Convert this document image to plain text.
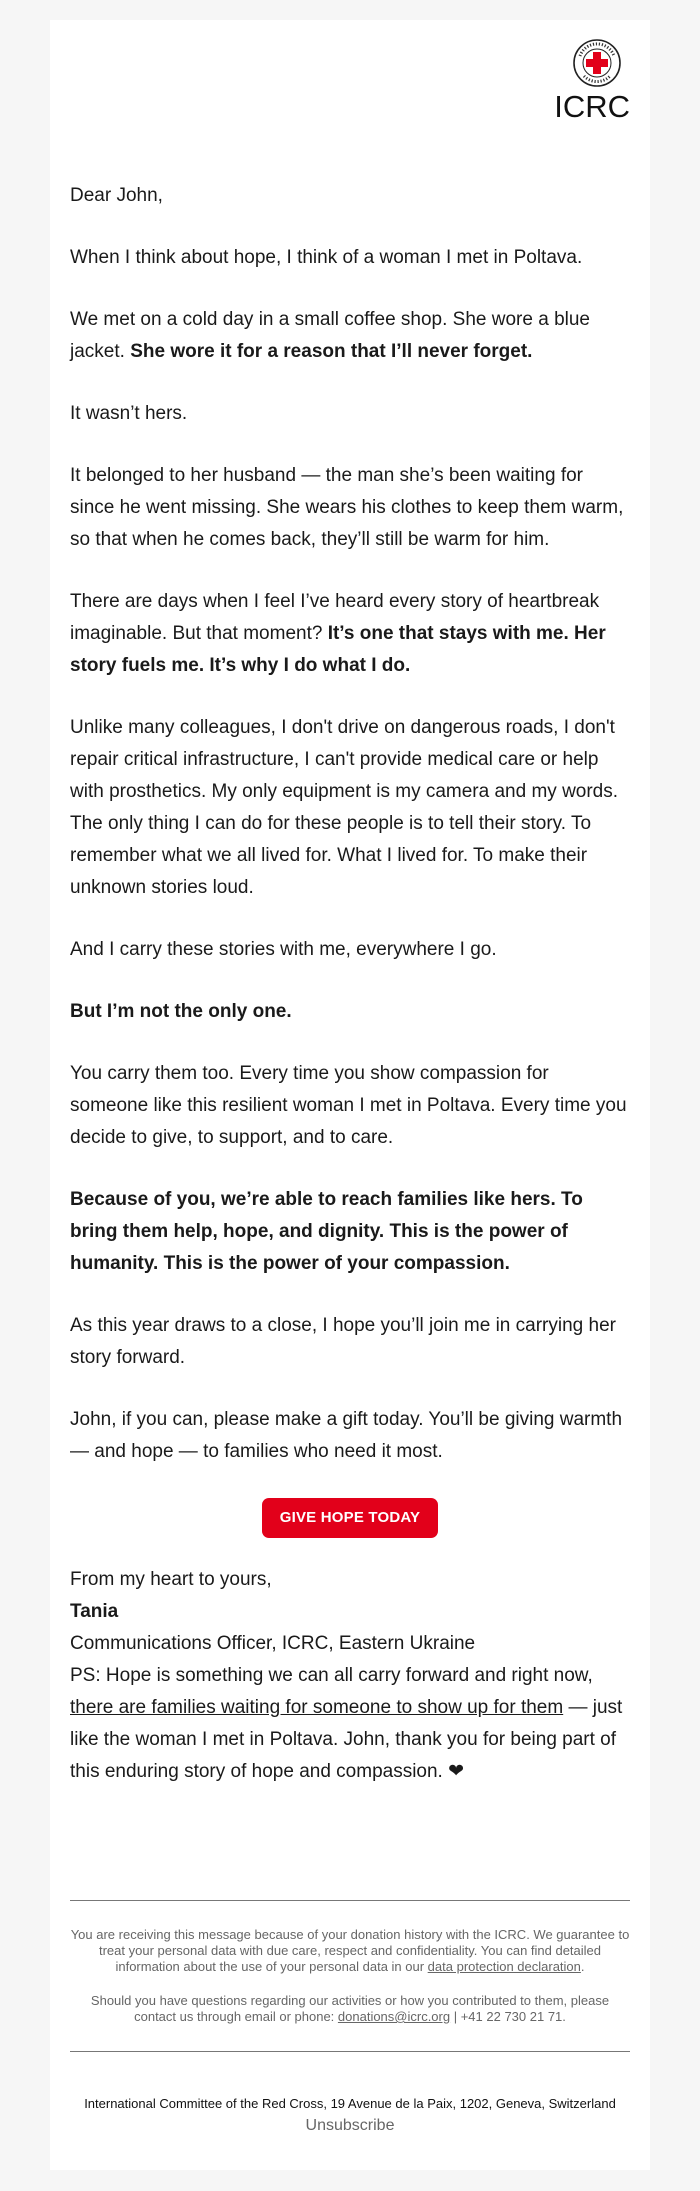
ICRC

Dear John,

When I think about hope, I think of a woman I met in Poltava.

We met on a cold day in a small coffee shop. She wore a blue jacket. She wore it for a reason that I’ll never forget.

It wasn’t hers.

It belonged to her husband — the man she’s been waiting for since he went missing. She wears his clothes to keep them warm, so that when he comes back, they’ll still be warm for him.

There are days when I feel I’ve heard every story of heartbreak imaginable. But that moment? It’s one that stays with me. Her story fuels me. It’s why I do what I do.

Unlike many colleagues, I don't drive on dangerous roads, I don't repair critical infrastructure, I can't provide medical care or help with prosthetics. My only equipment is my camera and my words. The only thing I can do for these people is to tell their story. To remember what we all lived for. What I lived for. To make their unknown stories loud.

And I carry these stories with me, everywhere I go.

But I’m not the only one.

You carry them too. Every time you show compassion for someone like this resilient woman I met in Poltava. Every time you decide to give, to support, and to care.

Because of you, we’re able to reach families like hers. To bring them help, hope, and dignity. This is the power of humanity. This is the power of your compassion.

As this year draws to a close, I hope you’ll join me in carrying her story forward.

John, if you can, please make a gift today. You’ll be giving warmth — and hope — to families who need it most.

GIVE HOPE TODAY

From my heart to yours,

Tania

Communications Officer, ICRC, Eastern Ukraine

PS: Hope is something we can all carry forward and right now, there are families waiting for someone to show up for them — just like the woman I met in Poltava. John, thank you for being part of this enduring story of hope and compassion. ❤

You are receiving this message because of your donation history with the ICRC. We guarantee to treat your personal data with due care, respect and confidentiality. You can find detailed information about the use of your personal data in our data protection declaration.

Should you have questions regarding our activities or how you contributed to them, please contact us through email or phone: donations@icrc.org | +41 22 730 21 71.

International Committee of the Red Cross, 19 Avenue de la Paix, 1202, Geneva, Switzerland
Unsubscribe
